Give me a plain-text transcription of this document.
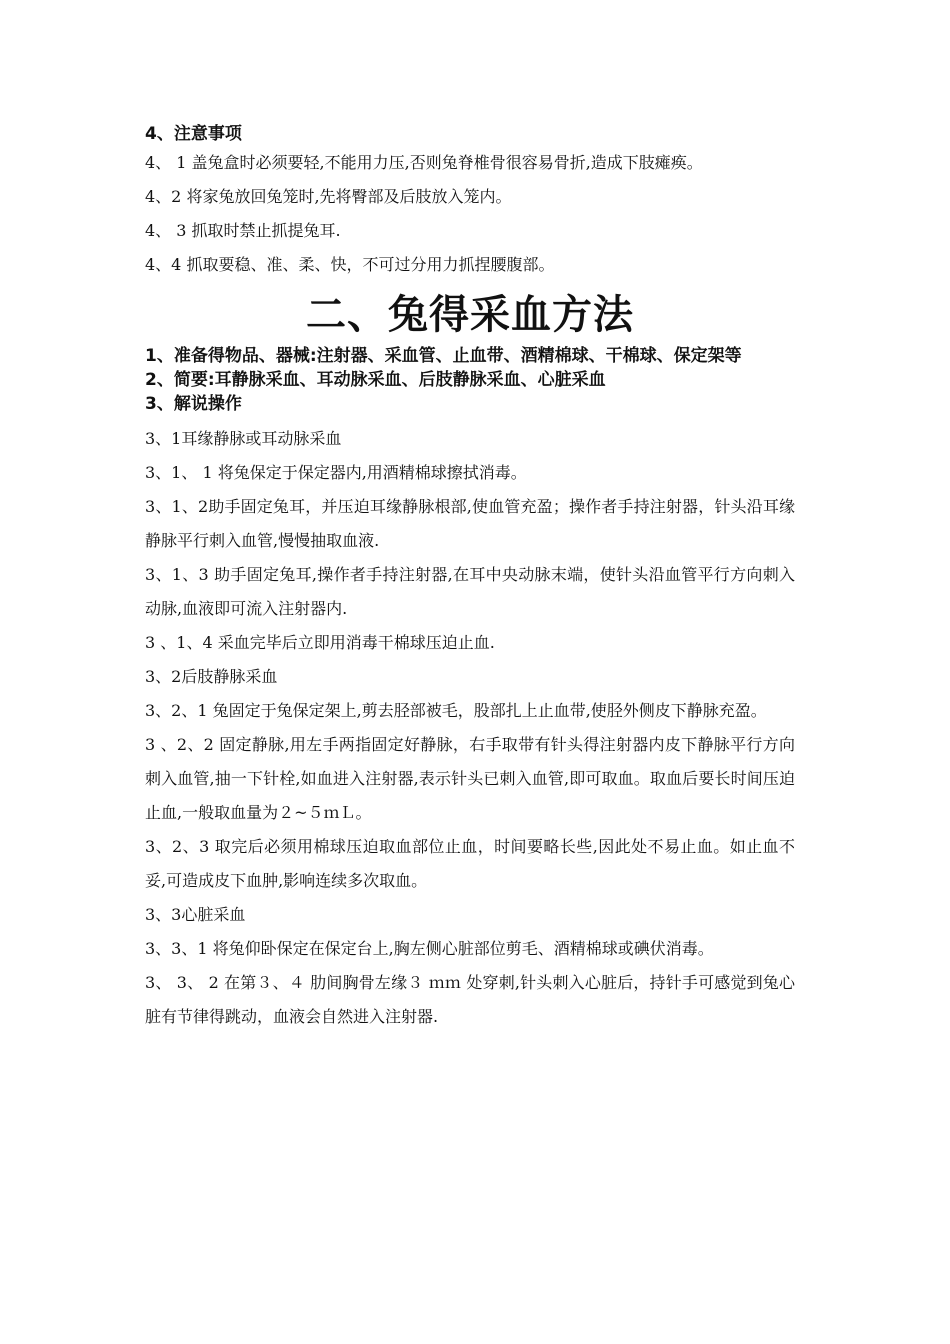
4、注意事项

4、 1 盖兔盒时必须要轻,不能用力压,否则兔脊椎骨很容易骨折,造成下肢瘫痪。

4、2 将家兔放回兔笼时,先将臀部及后肢放入笼内。

4、 3 抓取时禁止抓提兔耳.

4、4 抓取要稳、准、柔、快，不可过分用力抓捏腰腹部。

二、兔得采血方法

1、准备得物品、器械:注射器、采血管、止血带、酒精棉球、干棉球、保定架等

2、简要:耳静脉采血、耳动脉采血、后肢静脉采血、心脏采血

3、解说操作

3、1耳缘静脉或耳动脉采血

3、1、 1 将兔保定于保定器内,用酒精棉球擦拭消毒。

3、1、2助手固定兔耳，并压迫耳缘静脉根部,使血管充盈；操作者手持注射器，针头沿耳缘静脉平行刺入血管,慢慢抽取血液.

3、1、3 助手固定兔耳,操作者手持注射器,在耳中央动脉末端，使针头沿血管平行方向刺入动脉,血液即可流入注射器内.

3 、1、4 采血完毕后立即用消毒干棉球压迫止血.

3、2后肢静脉采血

3、2、1 兔固定于兔保定架上,剪去胫部被毛，股部扎上止血带,使胫外侧皮下静脉充盈。

3 、2、2 固定静脉,用左手两指固定好静脉，右手取带有针头得注射器内皮下静脉平行方向刺入血管,抽一下针栓,如血进入注射器,表示针头已刺入血管,即可取血。取血后要长时间压迫止血,一般取血量为２~５ｍＬ。

3、2、3 取完后必须用棉球压迫取血部位止血，时间要略长些,因此处不易止血。如止血不妥,可造成皮下血肿,影响连续多次取血。

3、3心脏采血

3、3、1 将兔仰卧保定在保定台上,胸左侧心脏部位剪毛、酒精棉球或碘伏消毒。

3、 3、 2 在第３、４ 肋间胸骨左缘３ ｍｍ 处穿刺,针头刺入心脏后，持针手可感觉到兔心脏有节律得跳动，血液会自然进入注射器.
